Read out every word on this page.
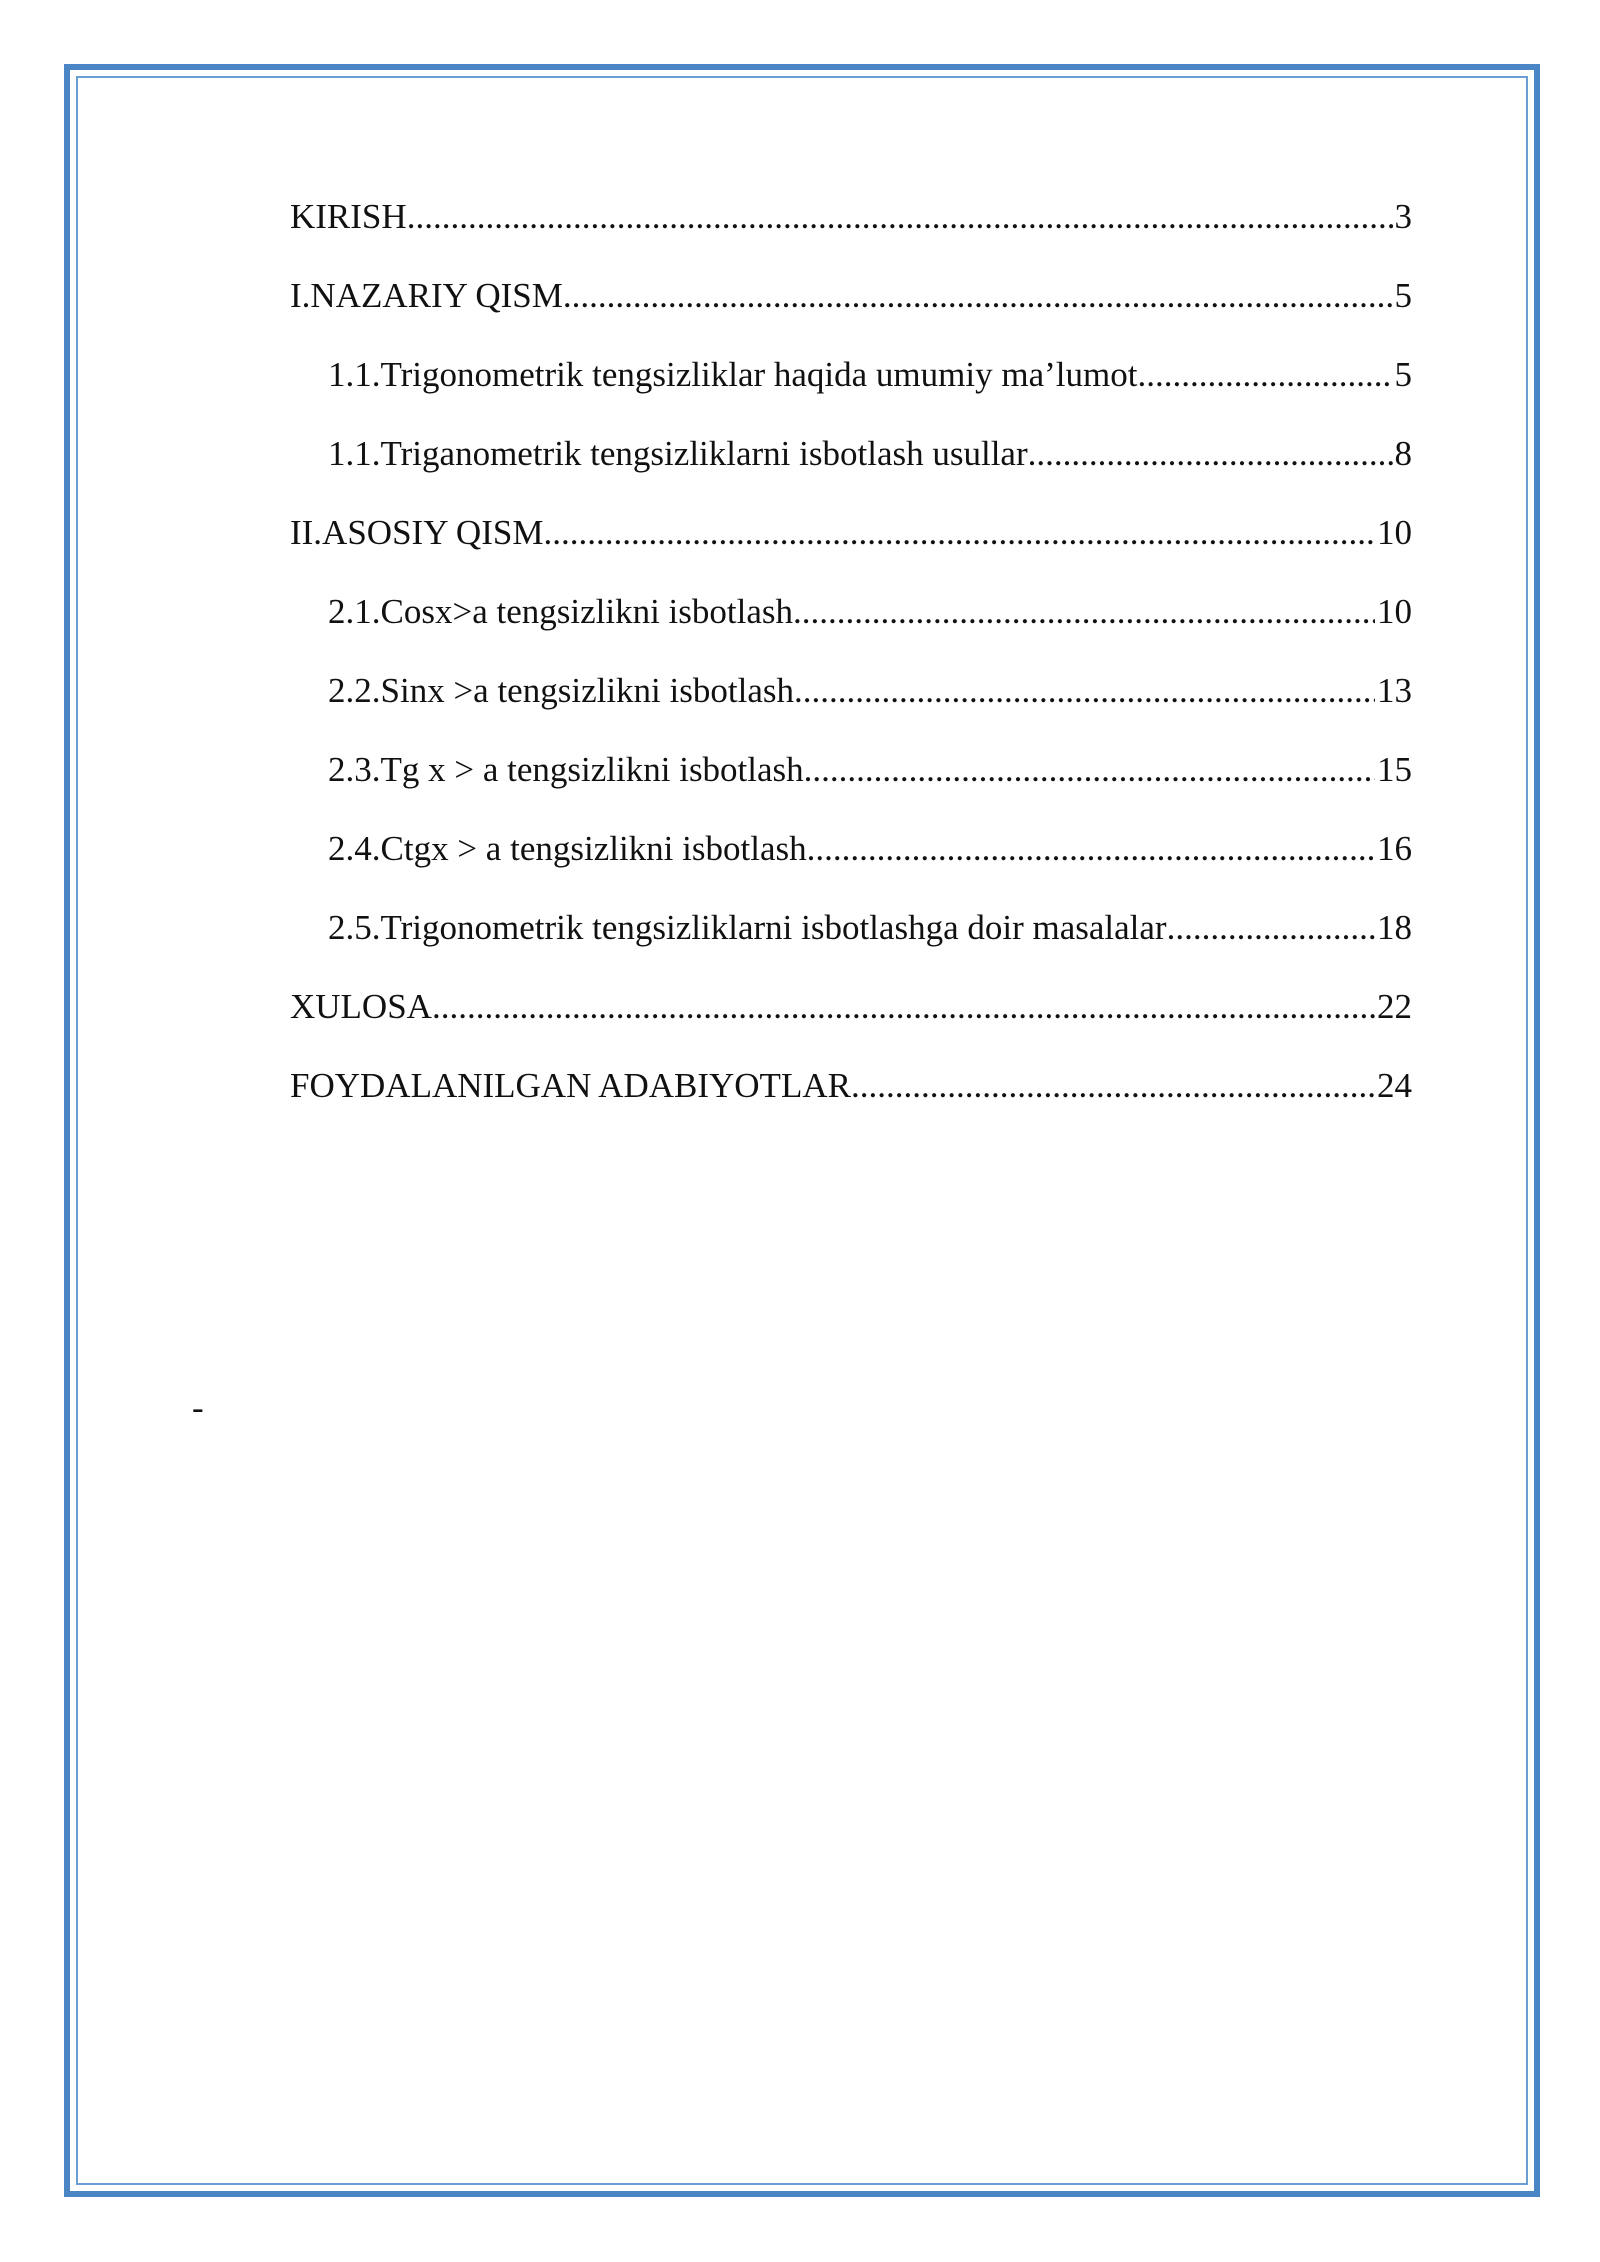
KIRISH .....	3
I.NAZARIY QISM .....	5
1.1.Trigonometrik tengsizliklar haqida umumiy ma’lumot .....	5
1.1.Triganometrik tengsizliklarni isbotlash usullar .....	8
II.ASOSIY QISM .....	10
2.1.Cosx>a tengsizlikni isbotlash .....	10
2.2.Sinx >a tengsizlikni isbotlash .....	13
2.3.Tg x > a tengsizlikni isbotlash .....	15
2.4.Ctgx > a tengsizlikni isbotlash .....	16
2.5.Trigonometrik tengsizliklarni isbotlashga doir masalalar .....	18
XULOSA .....	22
FOYDALANILGAN ADABIYOTLAR .....	24
-
